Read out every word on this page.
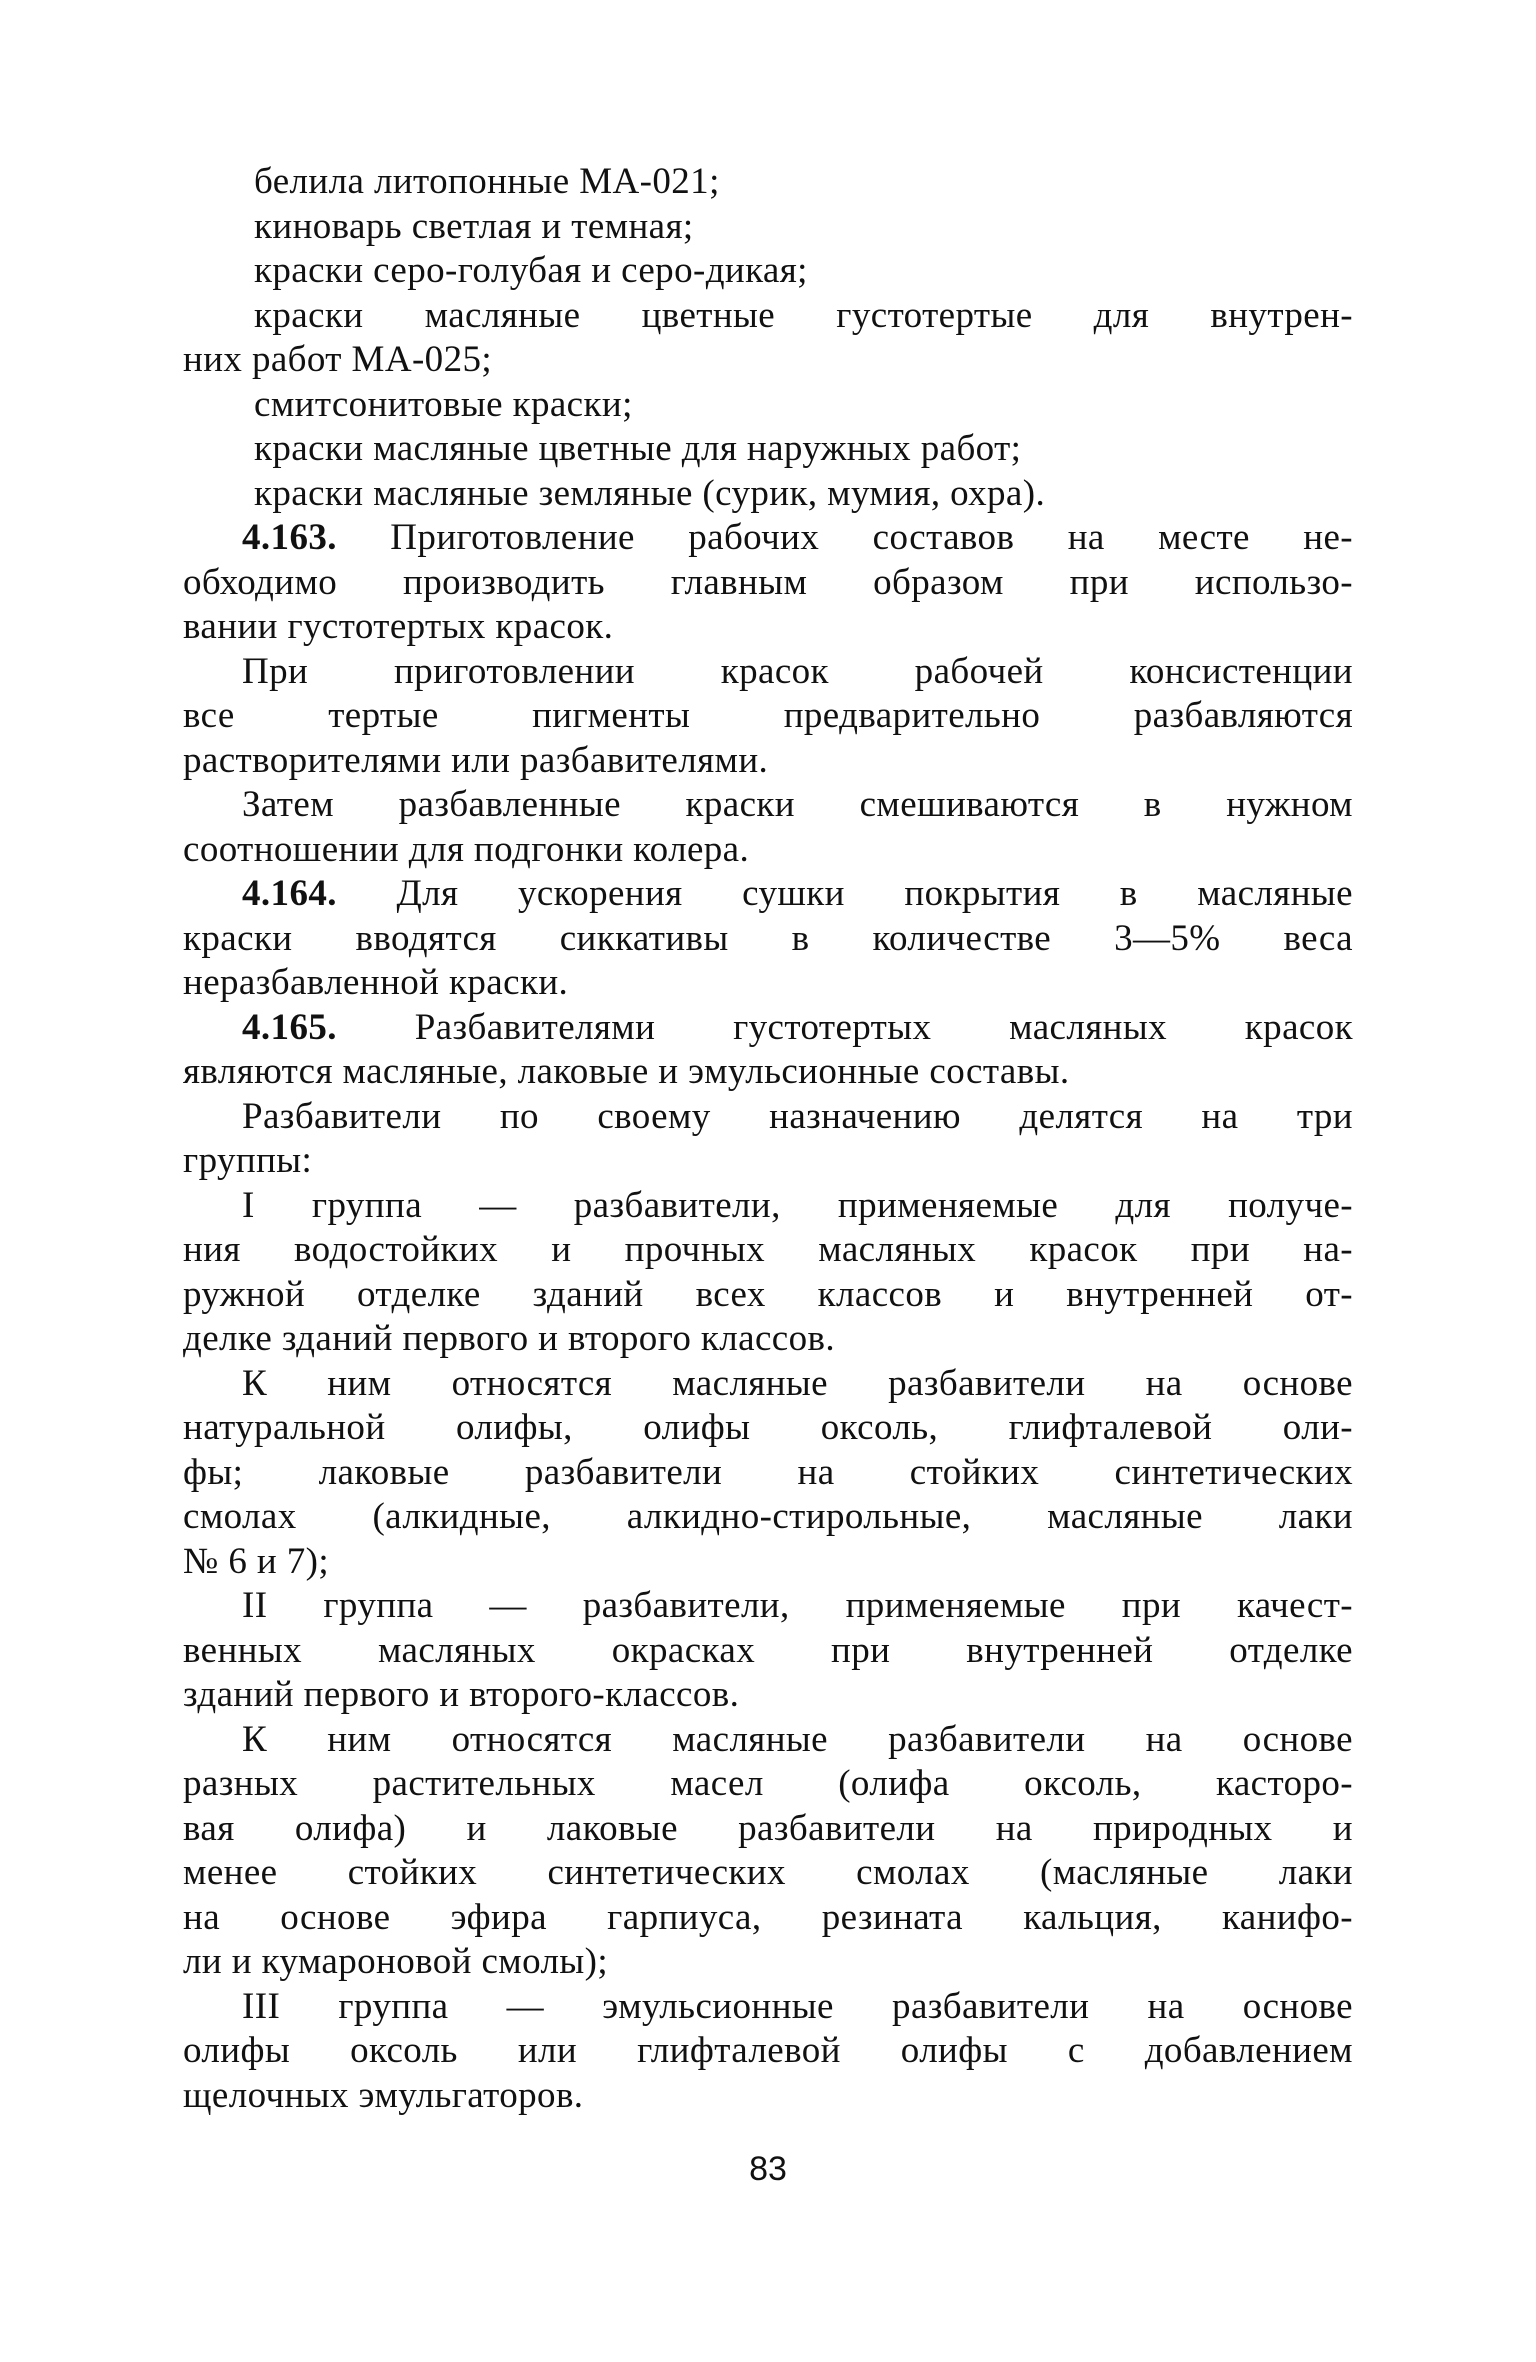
белила литопонные МА-021;
киноварь светлая и темная;
краски серо-голубая и серо-дикая;
краски масляные цветные густотертые для внутрен-
них работ МА-025;
смитсонитовые краски;
краски масляные цветные для наружных работ;
краски масляные земляные (сурик, мумия, охра).
4.163. Приготовление рабочих составов на месте не-
обходимо производить главным образом при использо-
вании густотертых красок.
При приготовлении красок рабочей консистенции
все тертые пигменты предварительно разбавляются
растворителями или разбавителями.
Затем разбавленные краски смешиваются в нужном
соотношении для подгонки колера.
4.164. Для ускорения сушки покрытия в масляные
краски вводятся сиккативы в количестве 3—5% веса
неразбавленной краски.
4.165. Разбавителями густотертых масляных красок
являются масляные, лаковые и эмульсионные составы.
Разбавители по своему назначению делятся на три
группы:
I группа — разбавители, применяемые для получе-
ния водостойких и прочных масляных красок при на-
ружной отделке зданий всех классов и внутренней от-
делке зданий первого и второго классов.
К ним относятся масляные разбавители на основе
натуральной олифы, олифы оксоль, глифталевой оли-
фы; лаковые разбавители на стойких синтетических
смолах (алкидные, алкидно-стирольные, масляные лаки
№ 6 и 7);
II группа — разбавители, применяемые при качест-
венных масляных окрасках при внутренней отделке
зданий первого и второго-классов.
К ним относятся масляные разбавители на основе
разных растительных масел (олифа оксоль, касторо-
вая олифа) и лаковые разбавители на природных и
менее стойких синтетических смолах (масляные лаки
на основе эфира гарпиуса, резината кальция, канифо-
ли и кумароновой смолы);
III группа — эмульсионные разбавители на основе
олифы оксоль или глифталевой олифы с добавлением
щелочных эмульгаторов.
83
